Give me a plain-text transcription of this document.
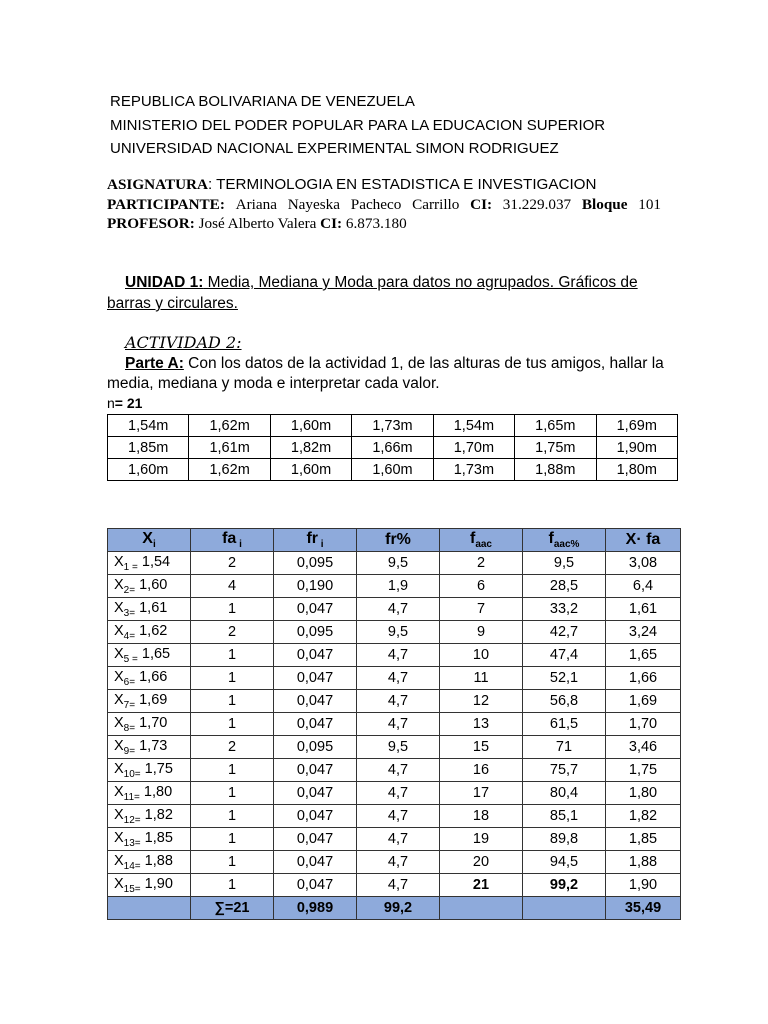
REPUBLICA BOLIVARIANA DE VENEZUELA
MINISTERIO DEL PODER POPULAR PARA LA EDUCACION SUPERIOR
UNIVERSIDAD NACIONAL EXPERIMENTAL SIMON RODRIGUEZ
ASIGNATURA : TERMINOLOGIA EN ESTADISTICA E INVESTIGACION
PARTICIPANTE: Ariana Nayeska Pacheco Carrillo CI: 31.229.037 Bloque 101
PROFESOR: José Alberto Valera CI: 6.873.180
UNIDAD 1: Media, Mediana y Moda para datos no agrupados. Gráficos de barras y circulares.
ACTIVIDAD 2:
Parte A: Con los datos de la actividad 1, de las alturas de tus amigos, hallar la media, mediana y moda e interpretar cada valor.
n= 21
1,54m	1,62m	1,60m	1,73m	1,54m	1,65m	1,69m
1,85m	1,61m	1,82m	1,66m	1,70m	1,75m	1,90m
1,60m	1,62m	1,60m	1,60m	1,73m	1,88m	1,80m
$X_i$	fa $_i$	fr $_i$	fr%	$f_{aac}$	$f_{aac\%}$	X· fa
$X_{1 =}$ 1,54	2	0,095	9,5	2	9,5	3,08
$X_{2=}$ 1,60	4	0,190	1,9	6	28,5	6,4
$X_{3=}$ 1,61	1	0,047	4,7	7	33,2	1,61
$X_{4=}$ 1,62	2	0,095	9,5	9	42,7	3,24
$X_{5 =}$ 1,65	1	0,047	4,7	10	47,4	1,65
$X_{6=}$ 1,66	1	0,047	4,7	11	52,1	1,66
$X_{7=}$ 1,69	1	0,047	4,7	12	56,8	1,69
$X_{8=}$ 1,70	1	0,047	4,7	13	61,5	1,70
$X_{9=}$ 1,73	2	0,095	9,5	15	71	3,46
$X_{10=}$ 1,75	1	0,047	4,7	16	75,7	1,75
$X_{11=}$ 1,80	1	0,047	4,7	17	80,4	1,80
$X_{12=}$ 1,82	1	0,047	4,7	18	85,1	1,82
$X_{13=}$ 1,85	1	0,047	4,7	19	89,8	1,85
$X_{14=}$ 1,88	1	0,047	4,7	20	94,5	1,88
$X_{15=}$ 1,90	1	0,047	4,7	21	99,2	1,90
	∑=21	0,989	99,2			35,49
